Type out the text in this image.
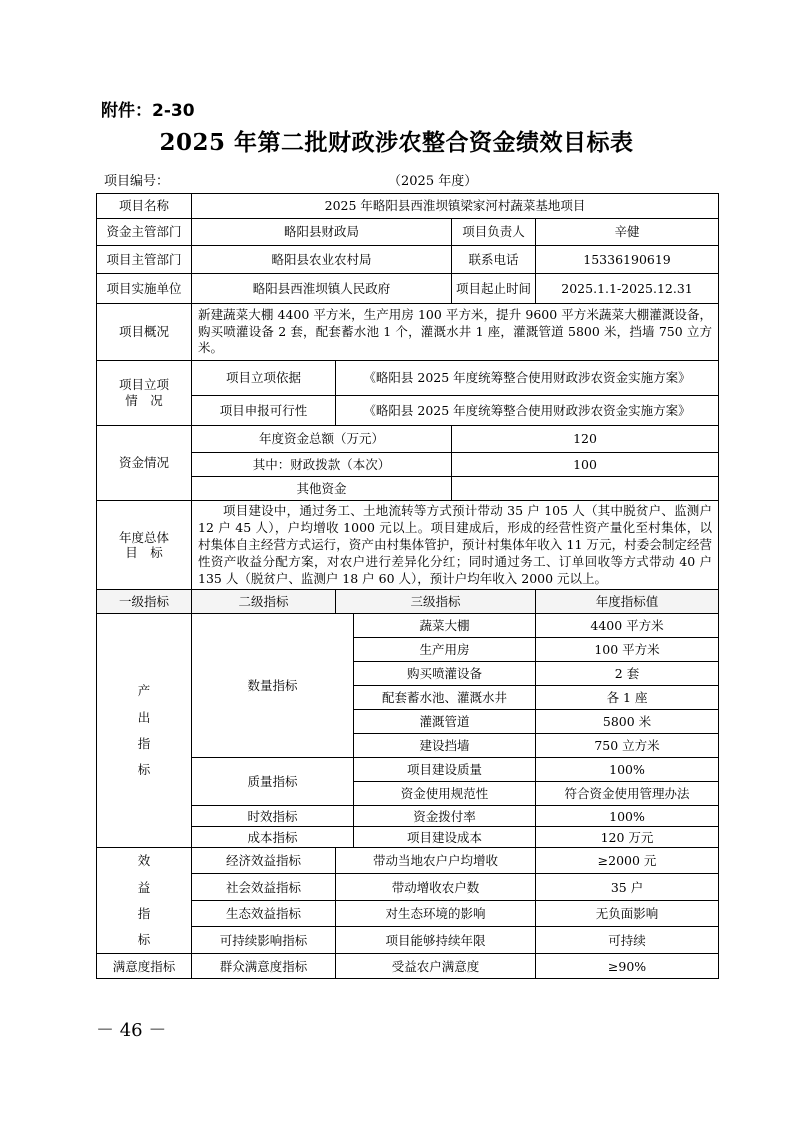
附件：2-30
2025 年第二批财政涉农整合资金绩效目标表
项目编号：	（2025 年度）
项目名称	2025 年略阳县西淮坝镇梁家河村蔬菜基地项目				
资金主管部门	略阳县财政局			项目负责人	辛健
项目主管部门	略阳县农业农村局			联系电话	15336190619
项目实施单位	略阳县西淮坝镇人民政府			项目起止时间	2025.1.1-2025.12.31
项目概况	新建蔬菜大棚 4400 平方米，生产用房 100 平方米，提升 9600 平方米蔬菜大棚灌溉设备，购买喷灌设备 2 套，配套蓄水池 1 个，灌溉水井 1 座，灌溉管道 5800 米，挡墙 750 立方米。				

项目立项
情　况	项目立项依据	《略阳县 2025 年度统筹整合使用财政涉农资金实施方案》			
	项目申报可行性	《略阳县 2025 年度统筹整合使用财政涉农资金实施方案》			
资金情况	年度资金总额（万元）			120	
	其中：财政拨款（本次）			100	
	其他资金				

年度总体
目　标	项目建设中，通过务工、土地流转等方式预计带动 35 户 105 人（其中脱贫户、监测户 12 户 45 人），户均增收 1000 元以上。项目建成后，形成的经营性资产量化至村集体，以村集体自主经营方式运行，资产由村集体管护，预计村集体年收入 11 万元，村委会制定经营性资产收益分配方案，对农户进行差异化分红；同时通过务工、订单回收等方式带动 40 户 135 人（脱贫户、监测户 18 户 60 人），预计户均年收入 2000 元以上。				
一级指标	二级指标	三级指标			年度指标值
产
出
指
标	数量指标		蔬菜大棚		4400 平方米
			生产用房		100 平方米
			购买喷灌设备		2 套
			配套蓄水池、灌溉水井		各 1 座
			灌溉管道		5800 米
			建设挡墙		750 立方米
	质量指标		项目建设质量		100%
			资金使用规范性		符合资金使用管理办法
	时效指标		资金拨付率		100%
	成本指标		项目建设成本		120 万元
效
益
指
标	经济效益指标	带动当地农户户均增收			≥2000 元
	社会效益指标	带动增收农户数			35 户
	生态效益指标	对生态环境的影响			无负面影响
	可持续影响指标	项目能够持续年限			可持续
满意度指标	群众满意度指标	受益农户满意度			≥90%
－ 46 －
